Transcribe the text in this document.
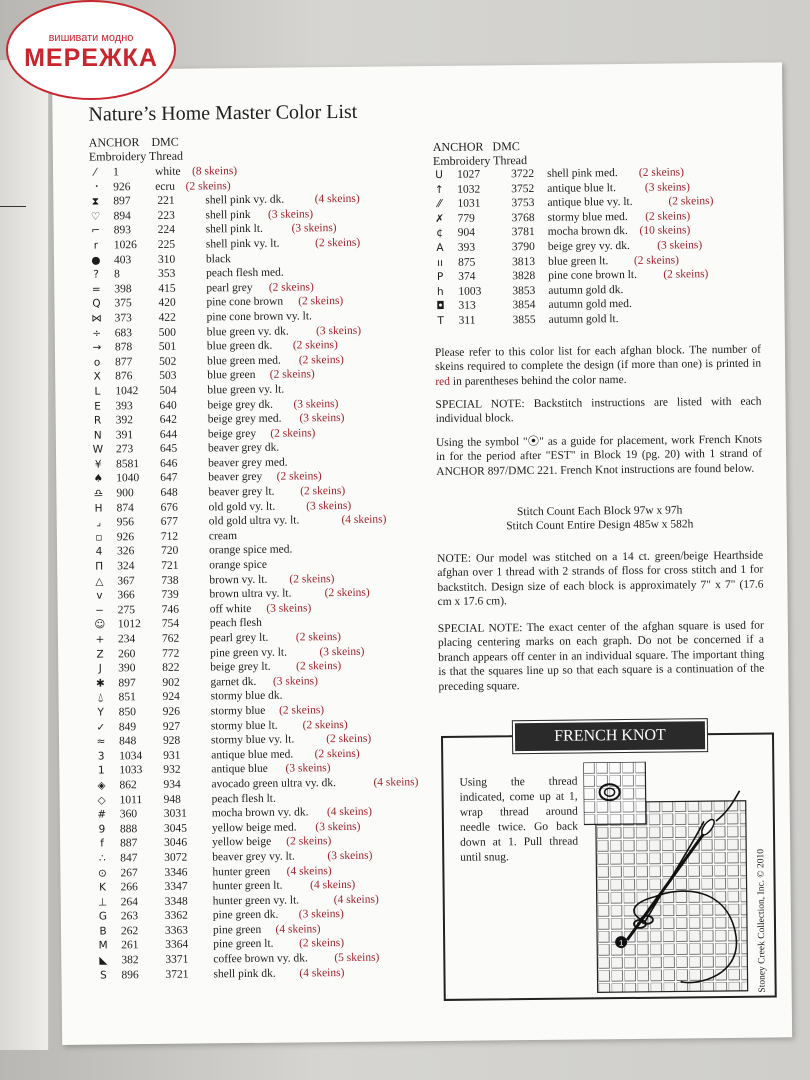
вишивати модно
МЕРЕЖКА
Nature’s Home Master Color List
ANCHOR DMC
Embroidery Thread
⁄	1	white (8 skeins)
⠐	926 ecru (2 skeins)
⧗	897 221	shell pink vy. dk.	(4 skeins)
♡ 894 223	shell pink (3 skeins)
⌐	893 224	shell pink lt. (3 skeins)
r	1026 225	shell pink vy. lt.	(2 skeins)
● 403 310	black
?	8	353	peach flesh med.
=	398 415	pearl grey (2 skeins)
Q	375 420	pine cone brown (2 skeins)
⋈ 373 422	pine cone brown vy. lt.
÷	683 500	blue green vy. dk. (3 skeins)
→	878 501	blue green dk. (2 skeins)
o	877 502	blue green med. (2 skeins)
X	876 503	blue green (2 skeins)
L	1042 504	blue green vy. lt.
E	393 640	beige grey dk. (3 skeins)
R	392 642	beige grey med. (3 skeins)
N	391 644	beige grey (2 skeins)
W 273 645	beaver grey dk.
¥	8581 646	beaver grey med.
♠ 1040 647	beaver grey (2 skeins)
♎ 900 648	beaver grey lt. (2 skeins)
H	874 676	old gold vy. lt.	(3 skeins)
⌟	956 677	old gold ultra vy. lt.	(4 skeins)
▫	926 712	cream
4	326 720	orange spice med.
Π	324 721	orange spice
△	367 738	brown vy. lt. (2 skeins)
v	366 739	brown ultra vy. lt.	(2 skeins)
−	275 746	off white (3 skeins)
☺ 1012 754	peach flesh
+	234 762	pearl grey lt. (2 skeins)
Z	260 772	pine green vy. lt.	(3 skeins)
J	390 822	beige grey lt. (2 skeins)
✱	897 902	garnet dk. (3 skeins)
⍙	851 924	stormy blue dk.
Y	850 926	stormy blue (2 skeins)
✓	849 927	stormy blue lt. (2 skeins)
≈	848 928	stormy blue vy. lt.	(2 skeins)
3	1034 931	antique blue med. (2 skeins)
1	1033 932	antique blue (3 skeins)
◈	862 934	avocado green ultra vy. dk.	(4 skeins)
◇	1011 948	peach flesh lt.
#	360 3031 mocha brown vy. dk. (4 skeins)
9	888 3045 yellow beige med. (3 skeins)
f	887 3046 yellow beige (2 skeins)
∴	847 3072 beaver grey vy. lt.	(3 skeins)
⊙	267 3346 hunter green (4 skeins)
K	266 3347 hunter green lt. (4 skeins)
⊥ 264 3348 hunter green vy. lt.	(4 skeins)
G	263 3362 pine green dk. (3 skeins)
B	262 3363 pine green (4 skeins)
M	261 3364 pine green lt. (2 skeins)
◣	382 3371 coffee brown vy. dk. (5 skeins)
S	896 3721 shell pink dk. (4 skeins)
ANCHOR DMC
Embroidery Thread
U	1027	3722 shell pink med. (2 skeins)
↑	1032	3752 antique blue lt.	(3 skeins)
⁄⁄	1031	3753 antique blue vy. lt.	(2 skeins)
✗	779	3768 stormy blue med. (2 skeins)
¢	904	3781 mocha brown dk. (10 skeins)
A	393	3790 beige grey vy. dk. (3 skeins)
ıı	875	3813 blue green lt. (2 skeins)
P	374	3828 pine cone brown lt. (2 skeins)
h	1003	3853 autumn gold dk.
◘	313	3854 autumn gold med.
T	311	3855 autumn gold lt.
Please refer to this color list for each afghan block. The number of skeins required to complete the design (if more than one) is printed in red in parentheses behind the color name.
SPECIAL NOTE: Backstitch instructions are listed with each individual block.
Using the symbol "⦿" as a guide for placement, work French Knots in for the period after "EST" in Block 19 (pg. 20) with 1 strand of ANCHOR 897/DMC 221. French Knot instructions are found below.
Stitch Count Each Block 97w x 97h
Stitch Count Entire Design 485w x 582h
NOTE: Our model was stitched on a 14 ct. green/beige Hearthside afghan over 1 thread with 2 strands of floss for cross stitch and 1 for backstitch. Design size of each block is approximately 7" x 7" (17.6 cm x 17.6 cm).
SPECIAL NOTE: The exact center of the afghan square is used for placing centering marks on each graph. Do not be concerned if a branch appears off center in an individual square. The important thing is that the squares line up so that each square is a continuation of the preceding square.
FRENCH KNOT
Using the thread indicated, come up at 1, wrap thread around needle twice. Go back down at 1. Pull thread until snug.
1	Stoney Creek Collection, Inc. © 2010
